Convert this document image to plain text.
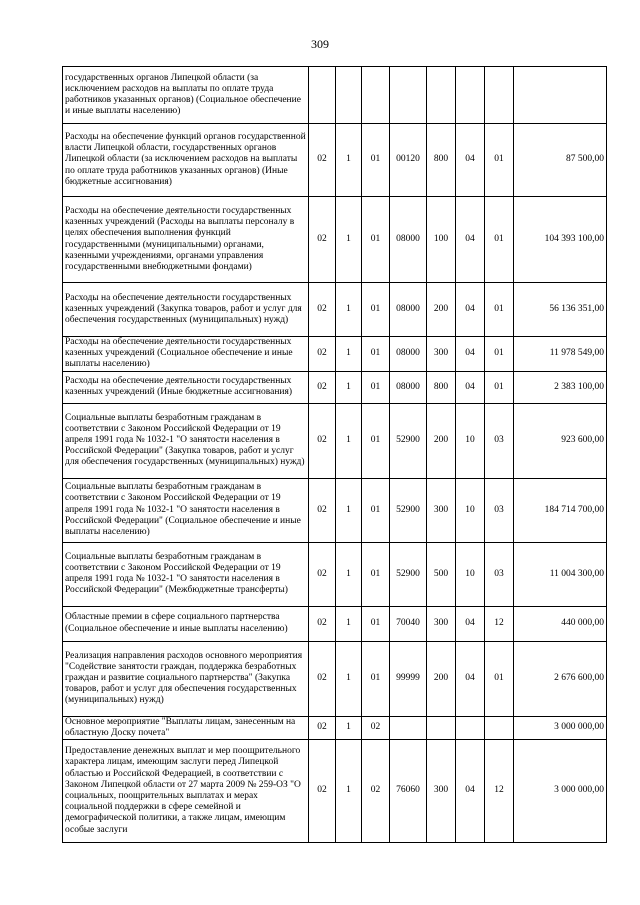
309
государственных органов Липецкой области (за исключением расходов на выплаты по оплате труда работников указанных органов) (Социальное обеспечение и иные выплаты населению)								
Расходы на обеспечение функций органов государственной власти Липецкой области, государственных органов Липецкой области (за исключением расходов на выплаты по оплате труда работников указанных органов) (Иные бюджетные ассигнования)	02	1	01	00120	800	04	01	87 500,00
Расходы на обеспечение деятельности государственных казенных учреждений (Расходы на выплаты персоналу в целях обеспечения выполнения функций государственными (муниципальными) органами, казенными учреждениями, органами управления государственными внебюджетными фондами)	02	1	01	08000	100	04	01	104 393 100,00
Расходы на обеспечение деятельности государственных казенных учреждений (Закупка товаров, работ и услуг для обеспечения государственных (муниципальных) нужд)	02	1	01	08000	200	04	01	56 136 351,00
Расходы на обеспечение деятельности государственных казенных учреждений (Социальное обеспечение и иные выплаты населению)	02	1	01	08000	300	04	01	11 978 549,00
Расходы на обеспечение деятельности государственных казенных учреждений (Иные бюджетные ассигнования)	02	1	01	08000	800	04	01	2 383 100,00
Социальные выплаты безработным гражданам в соответствии с Законом Российской Федерации от 19 апреля 1991 года № 1032-1 "О занятости населения в Российской Федерации" (Закупка товаров, работ и услуг для обеспечения государственных (муниципальных) нужд)	02	1	01	52900	200	10	03	923 600,00
Социальные выплаты безработным гражданам в соответствии с Законом Российской Федерации от 19 апреля 1991 года № 1032-1 "О занятости населения в Российской Федерации" (Социальное обеспечение и иные выплаты населению)	02	1	01	52900	300	10	03	184 714 700,00
Социальные выплаты безработным гражданам в соответствии с Законом Российской Федерации от 19 апреля 1991 года № 1032-1 "О занятости населения в Российской Федерации" (Межбюджетные трансферты)	02	1	01	52900	500	10	03	11 004 300,00
Областные премии в сфере социального партнерства (Социальное обеспечение и иные выплаты населению)	02	1	01	70040	300	04	12	440 000,00
Реализация направления расходов основного мероприятия "Содействие занятости граждан, поддержка безработных граждан и развитие социального партнерства" (Закупка товаров, работ и услуг для обеспечения государственных (муниципальных) нужд)	02	1	01	99999	200	04	01	2 676 600,00
Основное мероприятие "Выплаты лицам, занесенным на областную Доску почета"	02	1	02					3 000 000,00
Предоставление денежных выплат и мер поощрительного характера лицам, имеющим заслуги перед Липецкой областью и Российской Федерацией, в соответствии с Законом Липецкой области от 27 марта 2009 № 259-ОЗ "О социальных, поощрительных выплатах и мерах социальной поддержки в сфере семейной и демографической политики, а также лицам, имеющим особые заслуги	02	1	02	76060	300	04	12	3 000 000,00
